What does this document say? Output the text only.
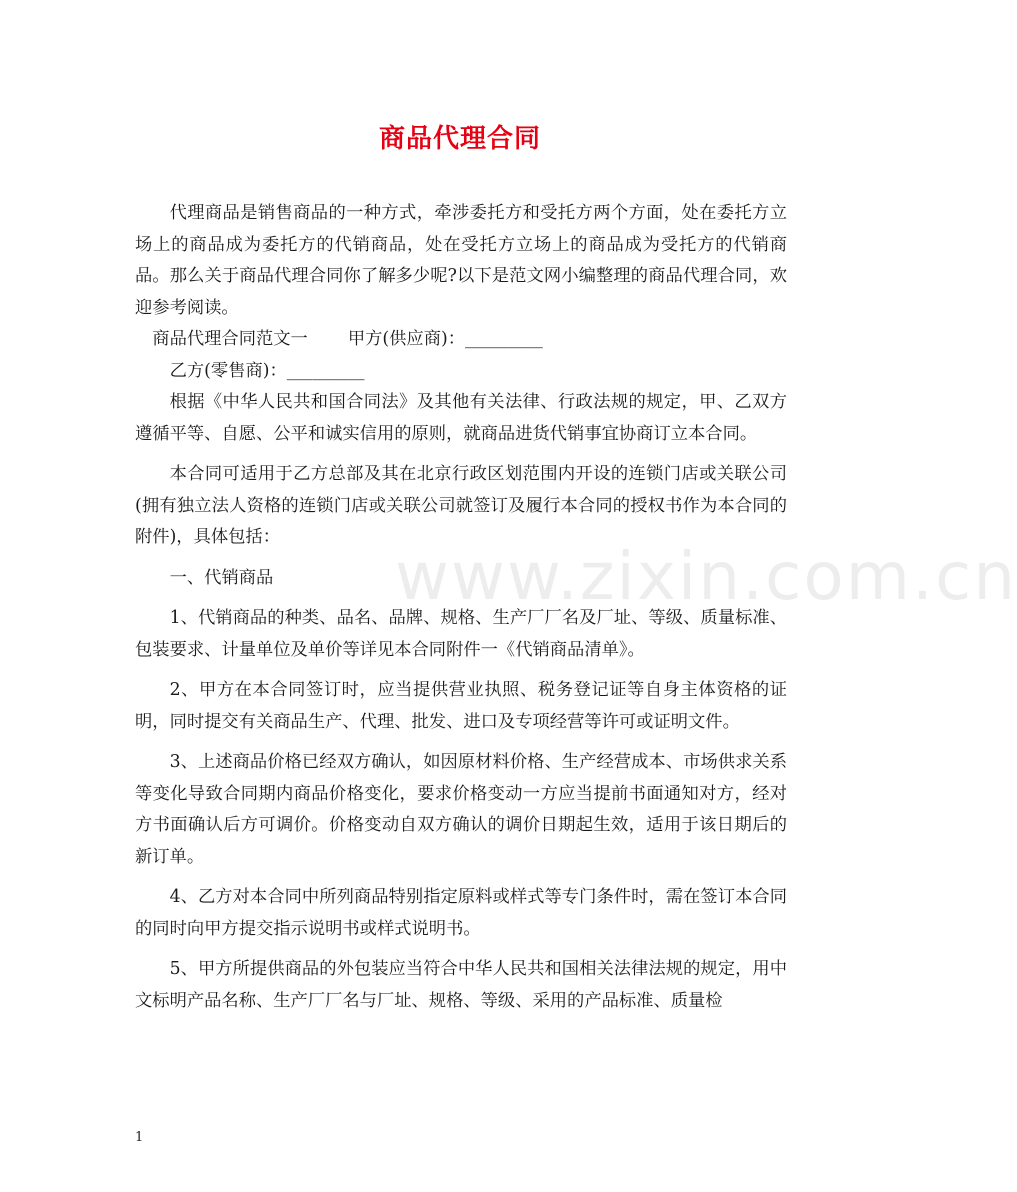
商品代理合同

代理商品是销售商品的一种方式，牵涉委托方和受托方两个方面，处在委托方立场上的商品成为委托方的代销商品，处在受托方立场上的商品成为受托方的代销商品。那么关于商品代理合同你了解多少呢?以下是范文网小编整理的商品代理合同，欢迎参考阅读。

商品代理合同范文一 甲方(供应商)：_________

乙方(零售商)：_________

根据《中华人民共和国合同法》及其他有关法律、行政法规的规定，甲、乙双方遵循平等、自愿、公平和诚实信用的原则，就商品进货代销事宜协商订立本合同。

本合同可适用于乙方总部及其在北京行政区划范围内开设的连锁门店或关联公司(拥有独立法人资格的连锁门店或关联公司就签订及履行本合同的授权书作为本合同的附件)，具体包括：

一、代销商品

1、代销商品的种类、品名、品牌、规格、生产厂厂名及厂址、等级、质量标准、包装要求、计量单位及单价等详见本合同附件一《代销商品清单》。

2、甲方在本合同签订时，应当提供营业执照、税务登记证等自身主体资格的证明，同时提交有关商品生产、代理、批发、进口及专项经营等许可或证明文件。

3、上述商品价格已经双方确认，如因原材料价格、生产经营成本、市场供求关系等变化导致合同期内商品价格变化，要求价格变动一方应当提前书面通知对方，经对方书面确认后方可调价。价格变动自双方确认的调价日期起生效，适用于该日期后的新订单。

4、乙方对本合同中所列商品特别指定原料或样式等专门条件时，需在签订本合同的同时向甲方提交指示说明书或样式说明书。

5、甲方所提供商品的外包装应当符合中华人民共和国相关法律法规的规定，用中文标明产品名称、生产厂厂名与厂址、规格、等级、采用的产品标准、质量检

www.zixin.com.cn
1
